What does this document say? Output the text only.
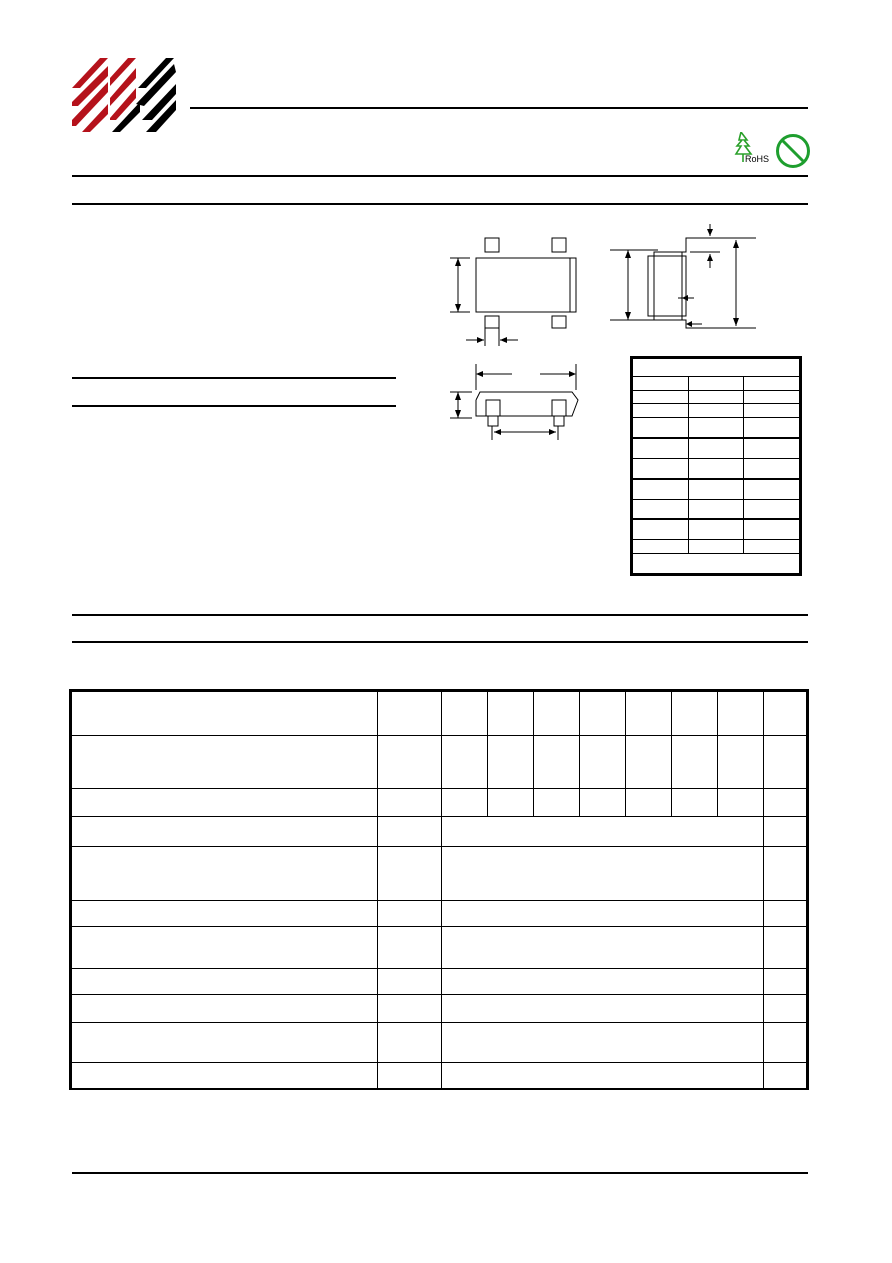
RoHS
